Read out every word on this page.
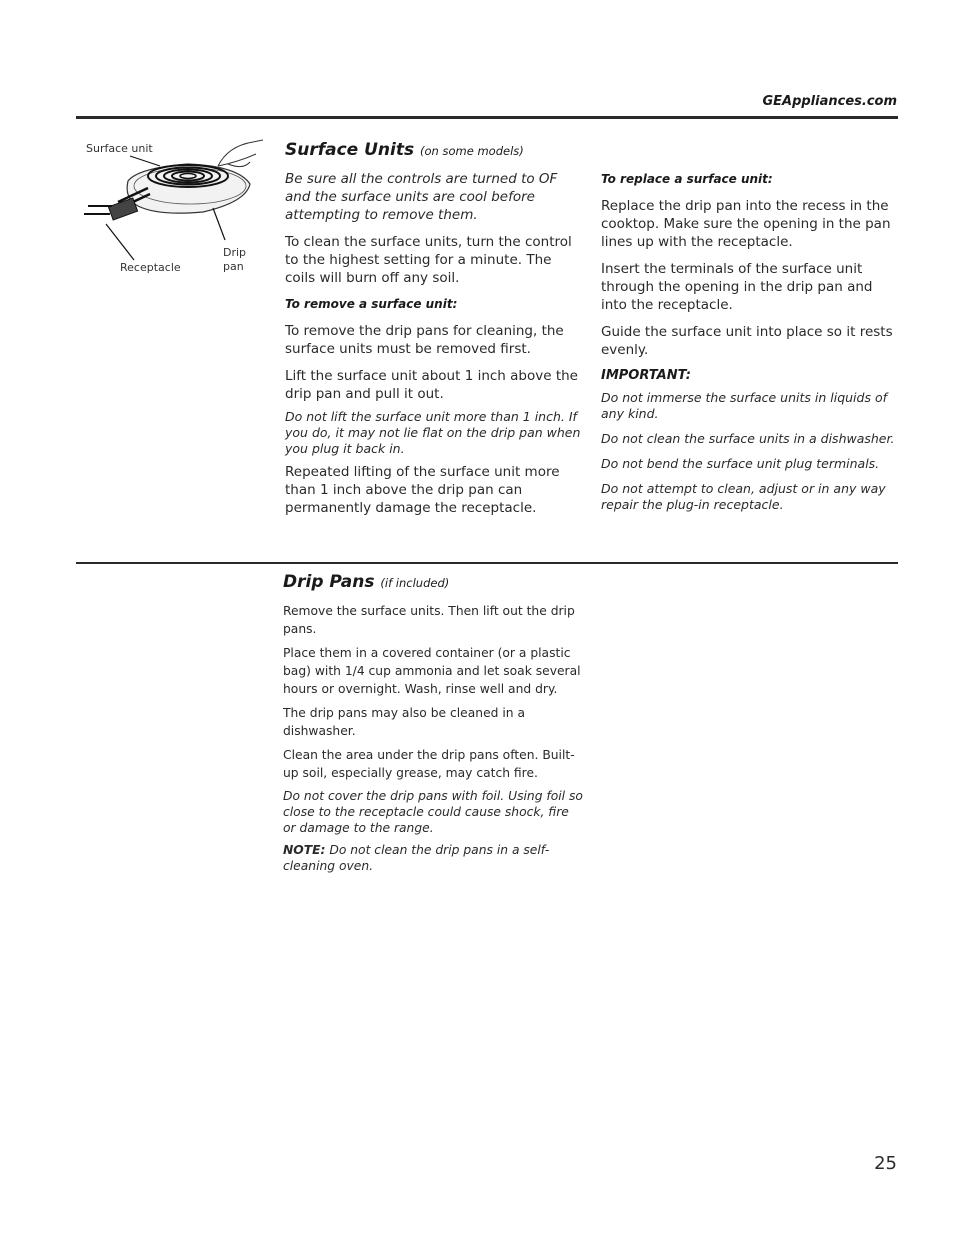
GEAppliances.com
Surface unit
Receptacle
Drip
pan
Surface Units (on some models)

Be sure all the controls are turned to OF and the surface units are cool before attempting to remove them.

To clean the surface units, turn the control to the highest setting for a minute. The coils will burn off any soil.

To remove a surface unit:

To remove the drip pans for cleaning, the surface units must be removed first.

Lift the surface unit about 1 inch above the drip pan and pull it out.

Do not lift the surface unit more than 1 inch. If you do, it may not lie flat on the drip pan when you plug it back in.

Repeated lifting of the surface unit more than 1 inch above the drip pan can permanently damage the receptacle.

To replace a surface unit:

Replace the drip pan into the recess in the cooktop. Make sure the opening in the pan lines up with the receptacle.

Insert the terminals of the surface unit through the opening in the drip pan and into the receptacle.

Guide the surface unit into place so it rests evenly.

IMPORTANT:

Do not immerse the surface units in liquids of any kind.

Do not clean the surface units in a dishwasher.

Do not bend the surface unit plug terminals.

Do not attempt to clean, adjust or in any way repair the plug-in receptacle.

Drip Pans (if included)

Remove the surface units. Then lift out the drip pans.

Place them in a covered container (or a plastic bag) with 1/4 cup ammonia and let soak several hours or overnight. Wash, rinse well and dry.

The drip pans may also be cleaned in a dishwasher.

Clean the area under the drip pans often. Built-up soil, especially grease, may catch fire.

Do not cover the drip pans with foil. Using foil so close to the receptacle could cause shock, fire or damage to the range.

NOTE: Do not clean the drip pans in a self-cleaning oven.

25
